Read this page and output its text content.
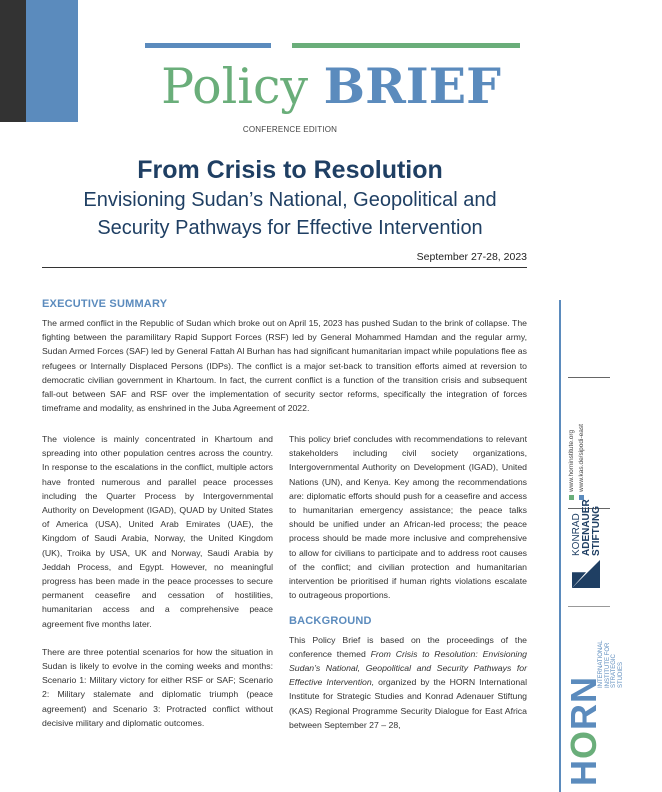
Policy BRIEF
CONFERENCE EDITION
From Crisis to Resolution
Envisioning Sudan’s National, Geopolitical and
Security Pathways for Effective Intervention
September 27-28, 2023
EXECUTIVE SUMMARY
The armed conflict in the Republic of Sudan which broke out on April 15, 2023 has pushed Sudan to the brink of collapse. The fighting between the paramilitary Rapid Support Forces (RSF) led by General Mohammed Hamdan and the regular army, Sudan Armed Forces (SAF) led by General Fattah Al Burhan has had significant humanitarian impact while populations flee as refugees or Internally Displaced Persons (IDPs). The conflict is a major set-back to transition efforts aimed at reversion to democratic civilian government in Khartoum. In fact, the current conflict is a function of the transition crisis and subsequent fall-out between SAF and RSF over the implementation of security sector reforms, specifically the integration of forces timeframe and modality, as enshrined in the Juba Agreement of 2022.

The violence is mainly concentrated in Khartoum and spreading into other population centres across the country. In response to the escalations in the conflict, multiple actors have fronted numerous and parallel peace processes including the Quarter Process by Intergovernmental Authority on Development (IGAD), QUAD by United States of America (USA), United Arab Emirates (UAE), the Kingdom of Saudi Arabia, Norway, the United Kingdom (UK), Troika by USA, UK and Norway, Saudi Arabia by Jeddah Process, and Egypt. However, no meaningful progress has been made in the peace processes to secure permanent ceasefire and cessation of hostilities, humanitarian access and a comprehensive peace agreement five months later.

There are three potential scenarios for how the situation in Sudan is likely to evolve in the coming weeks and months: Scenario 1: Military victory for either RSF or SAF; Scenario 2: Military stalemate and diplomatic triumph (peace agreement) and Scenario 3: Protracted conflict without decisive military and diplomatic outcomes.

This policy brief concludes with recommendations to relevant stakeholders including civil society organizations, Intergovernmental Authority on Development (IGAD), United Nations (UN), and Kenya. Key among the recommendations are: diplomatic efforts should push for a ceasefire and access to humanitarian emergency assistance; the peace talks should be unified under an African-led process; the peace process should be made more inclusive and comprehensive to allow for civilians to participate and to address root causes of the conflict; and civilian protection and humanitarian intervention be prioritised if human rights violations escalate to outrageous proportions.

BACKGROUND

This Policy Brief is based on the proceedings of the conference themed From Crisis to Resolution: Envisioning Sudan’s National, Geopolitical and Security Pathways for Effective Intervention, organized by the HORN International Institute for Strategic Studies and Konrad Adenauer Stiftung (KAS) Regional Programme Security Dialogue for East Africa between September 27 – 28,

www.horninstitute.org www.kas.de/sipodi-east
KONRAD ADENAUER STIFTUNG
HORN
INTERNATIONAL INSTITUTE FOR STRATEGIC STUDIES
